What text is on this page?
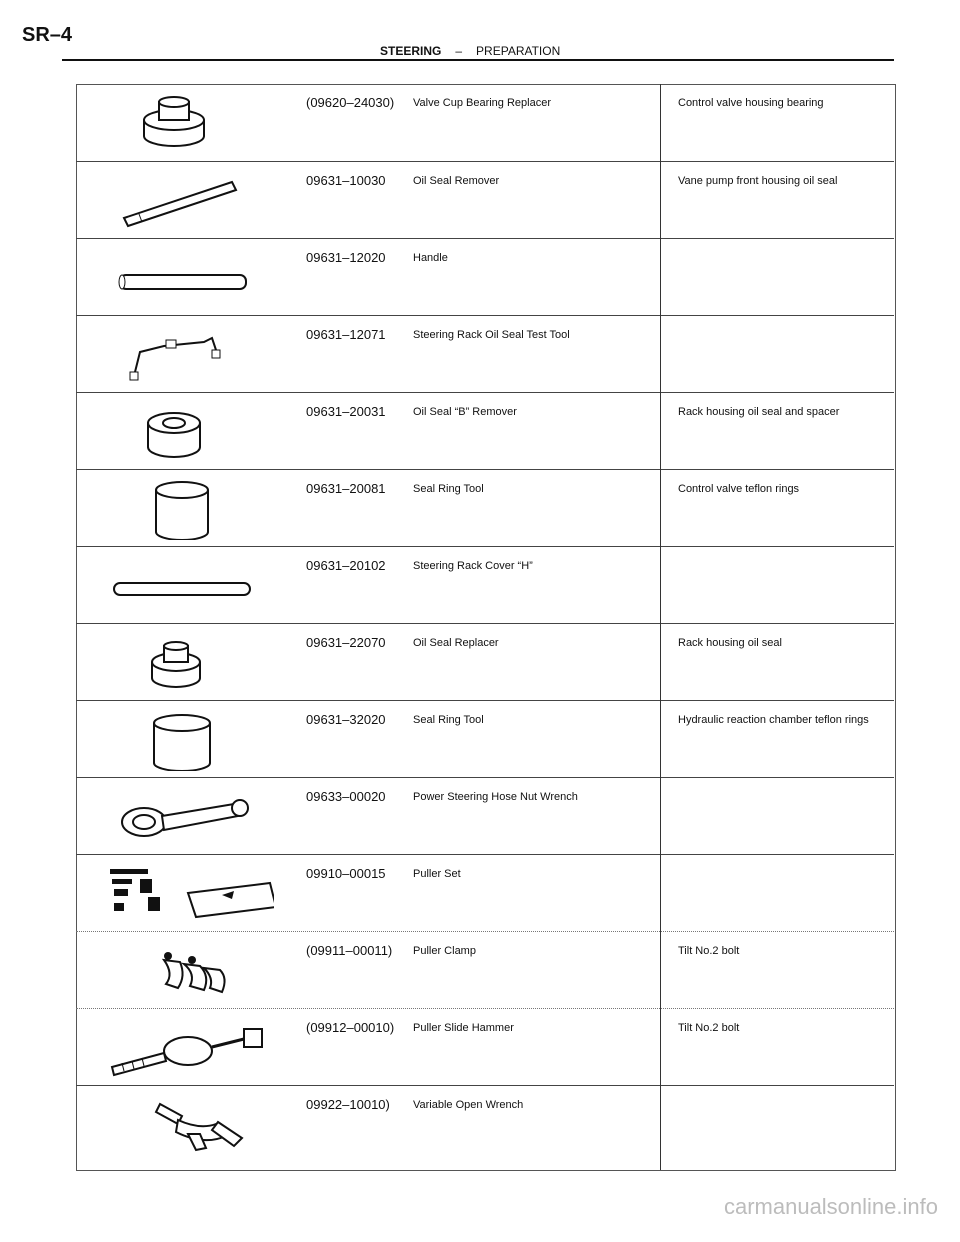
SR–4
STEERING – PREPARATION
(09620–24030) Valve Cup Bearing Replacer	Control valve housing bearing
09631–10030 Oil Seal Remover	Vane pump front housing oil seal
09631–12020 Handle
09631–12071 Steering Rack Oil Seal Test Tool
09631–20031 Oil Seal “B” Remover	Rack housing oil seal and spacer
09631–20081 Seal Ring Tool	Control valve teflon rings
09631–20102 Steering Rack Cover “H”
09631–22070 Oil Seal Replacer	Rack housing oil seal
09631–32020 Seal Ring Tool	Hydraulic reaction chamber teflon rings
09633–00020 Power Steering Hose Nut Wrench
09910–00015 Puller Set
(09911–00011) Puller Clamp	Tilt No.2 bolt
(09912–00010) Puller Slide Hammer	Tilt No.2 bolt
09922–10010) Variable Open Wrench
carmanualsonline.info
